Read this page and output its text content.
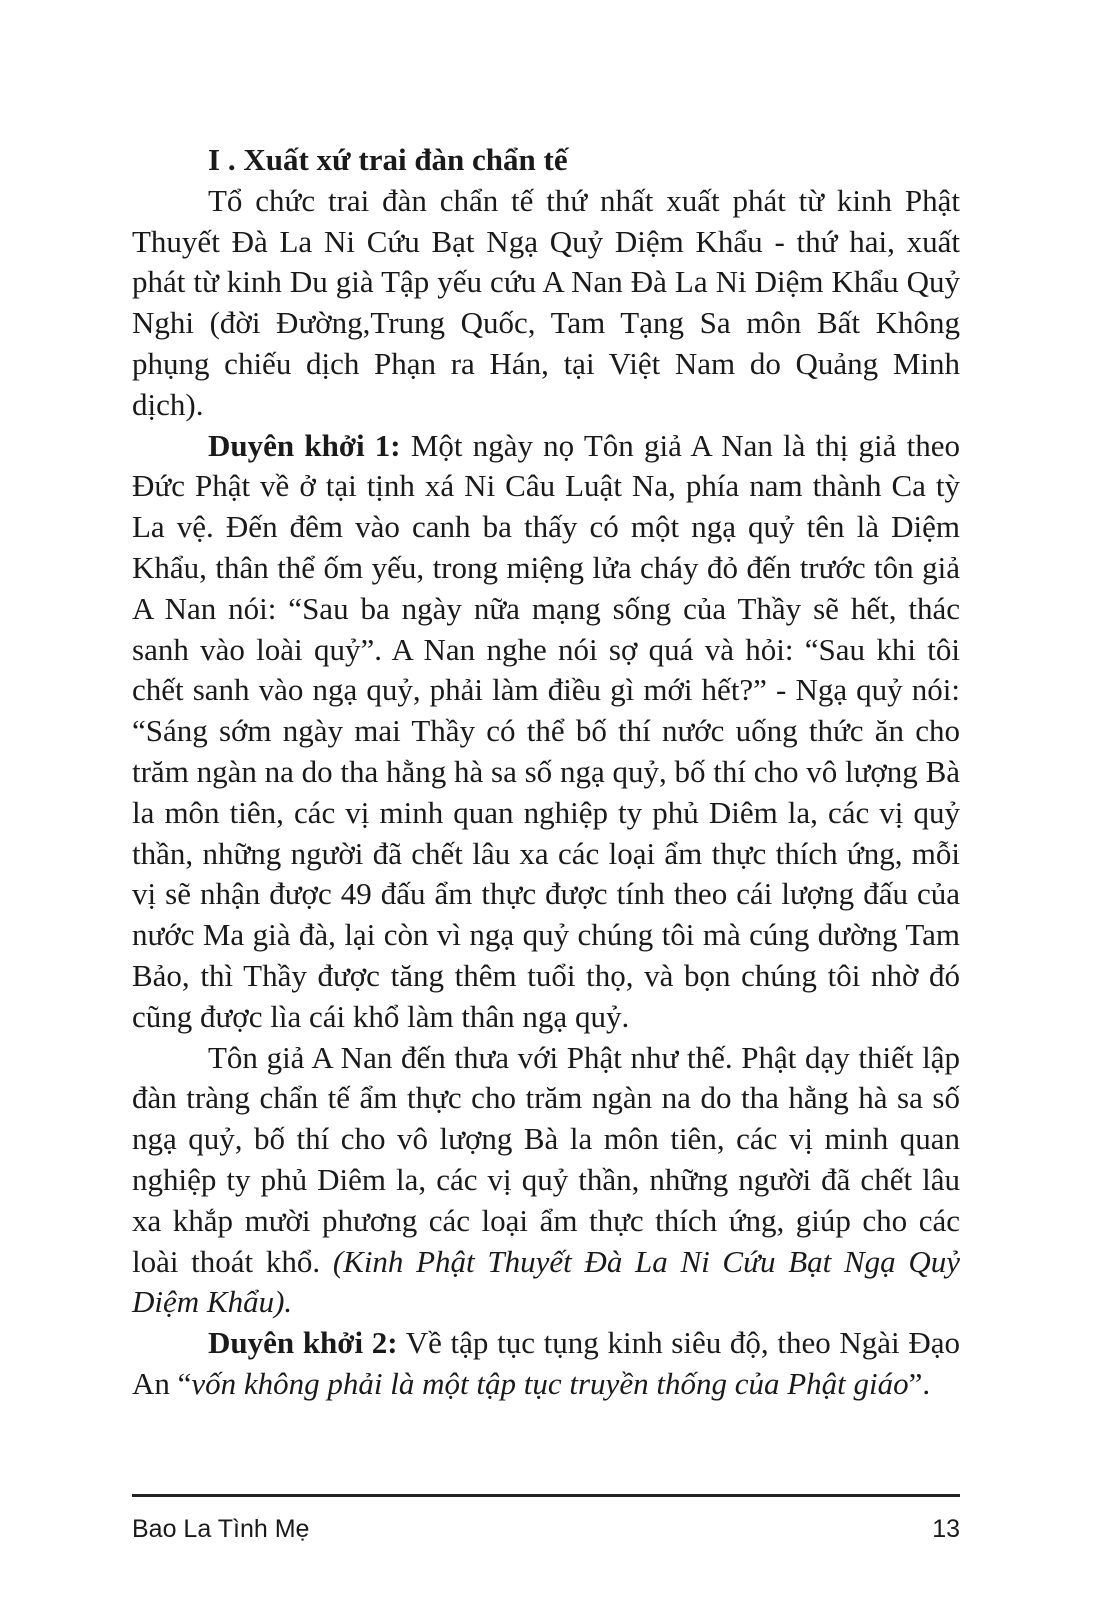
I . Xuất xứ trai đàn chẩn tế

Tổ chức trai đàn chẩn tế thứ nhất xuất phát từ kinh Phật Thuyết Đà La Ni Cứu Bạt Ngạ Quỷ Diệm Khẩu - thứ hai, xuất phát từ kinh Du già Tập yếu cứu A Nan Đà La Ni Diệm Khẩu Quỷ Nghi (đời Đường,Trung Quốc, Tam Tạng Sa môn Bất Không phụng chiếu dịch Phạn ra Hán, tại Việt Nam do Quảng Minh dịch).

Duyên khởi 1: Một ngày nọ Tôn giả A Nan là thị giả theo Đức Phật về ở tại tịnh xá Ni Câu Luật Na, phía nam thành Ca tỳ La vệ. Đến đêm vào canh ba thấy có một ngạ quỷ tên là Diệm Khẩu, thân thể ốm yếu, trong miệng lửa cháy đỏ đến trước tôn giả A Nan nói: “Sau ba ngày nữa mạng sống của Thầy sẽ hết, thác sanh vào loài quỷ”. A Nan nghe nói sợ quá và hỏi: “Sau khi tôi chết sanh vào ngạ quỷ, phải làm điều gì mới hết?” - Ngạ quỷ nói: “Sáng sớm ngày mai Thầy có thể bố thí nước uống thức ăn cho trăm ngàn na do tha hằng hà sa số ngạ quỷ, bố thí cho vô lượng Bà la môn tiên, các vị minh quan nghiệp ty phủ Diêm la, các vị quỷ thần, những người đã chết lâu xa các loại ẩm thực thích ứng, mỗi vị sẽ nhận được 49 đấu ẩm thực được tính theo cái lượng đấu của nước Ma già đà, lại còn vì ngạ quỷ chúng tôi mà cúng dường Tam Bảo, thì Thầy được tăng thêm tuổi thọ, và bọn chúng tôi nhờ đó cũng được lìa cái khổ làm thân ngạ quỷ.

Tôn giả A Nan đến thưa với Phật như thế. Phật dạy thiết lập đàn tràng chẩn tế ẩm thực cho trăm ngàn na do tha hằng hà sa số ngạ quỷ, bố thí cho vô lượng Bà la môn tiên, các vị minh quan nghiệp ty phủ Diêm la, các vị quỷ thần, những người đã chết lâu xa khắp mười phương các loại ẩm thực thích ứng, giúp cho các loài thoát khổ. (Kinh Phật Thuyết Đà La Ni Cứu Bạt Ngạ Quỷ Diệm Khẩu).

Duyên khởi 2: Về tập tục tụng kinh siêu độ, theo Ngài Đạo An “vốn không phải là một tập tục truyền thống của Phật giáo”.

Bao La Tình Mẹ	13
